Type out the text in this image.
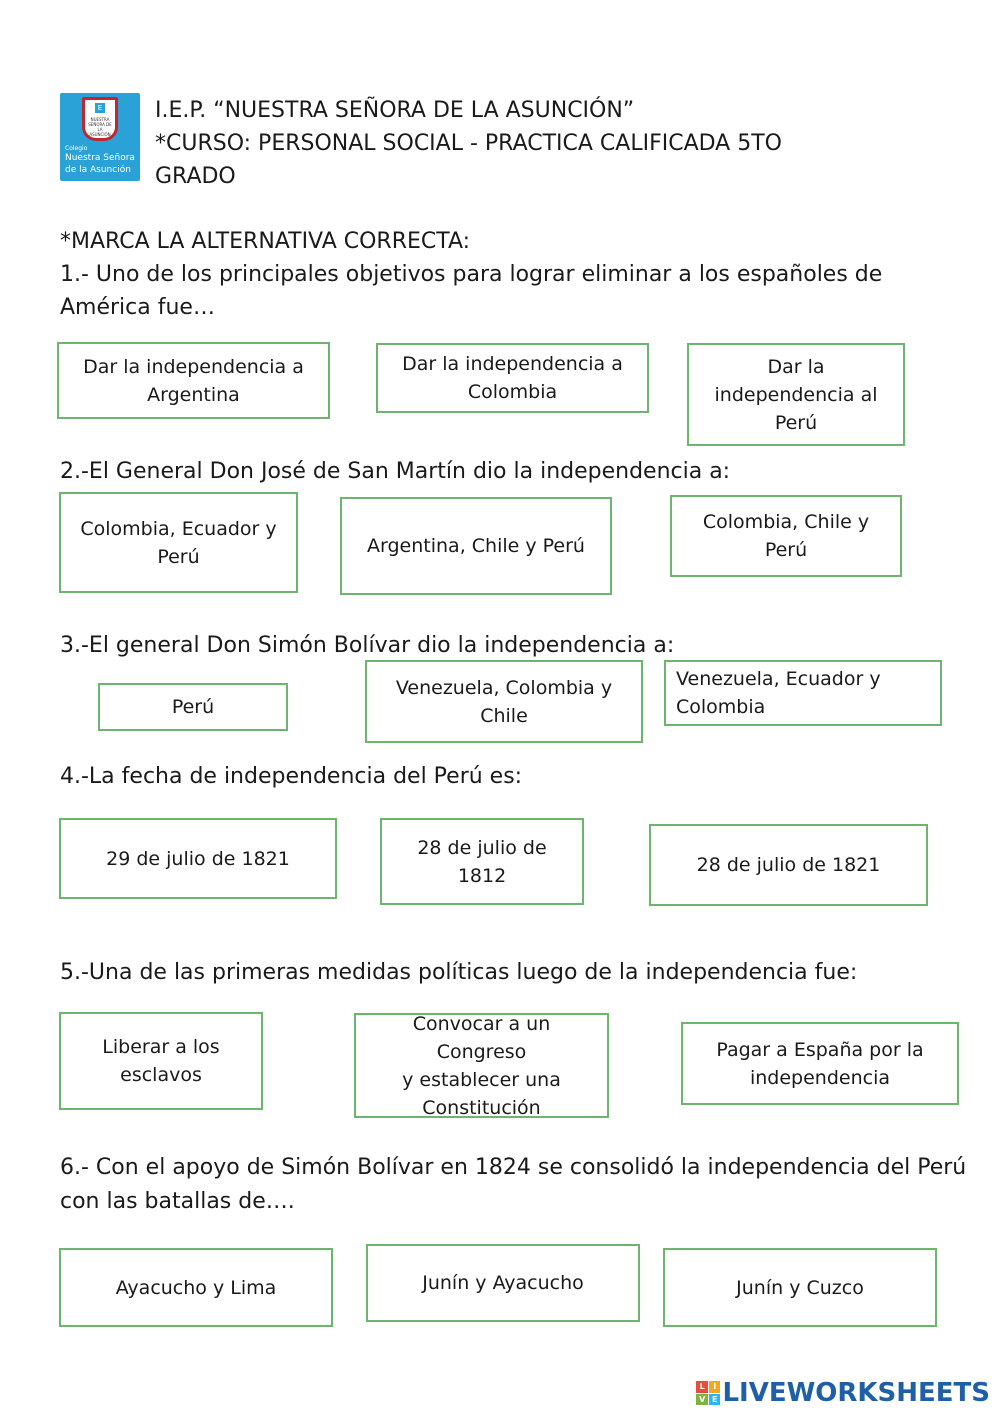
E
NUESTRA SEÑORA DE LA ASUNCIÓN
Colegio
Nuestra Señora
de la Asunción
I.E.P. “NUESTRA SEÑORA DE LA ASUNCIÓN”
*CURSO: PERSONAL SOCIAL - PRACTICA CALIFICADA 5TO
GRADO
*MARCA LA ALTERNATIVA CORRECTA:
1.- Uno de los principales objetivos para lograr eliminar a los españoles de
América fue…
Dar la independencia a
Argentina
Dar la independencia a
Colombia
Dar la
independencia al
Perú
2.-El General Don José de San Martín dio la independencia a:
Colombia, Ecuador y
Perú	Argentina, Chile y Perú
Colombia, Chile y Perú
3.-El general Don Simón Bolívar dio la independencia a:
Perú
Venezuela, Colombia y
Chile
Venezuela, Ecuador y
Colombia
4.-La fecha de independencia del Perú es:
29 de julio de 1821	28 de julio de
1812	28 de julio de 1821
5.-Una de las primeras medidas políticas luego de la independencia fue:
Liberar a los
esclavos
Convocar a un Congreso
y establecer una
Constitución
Pagar a España por la
independencia
6.- Con el apoyo de Simón Bolívar en 1824 se consolidó la independencia del Perú
con las batallas de….
Ayacucho y Lima	Junín y Ayacucho	Junín y Cuzco
L	I
V E LIVEWORKSHEETS
